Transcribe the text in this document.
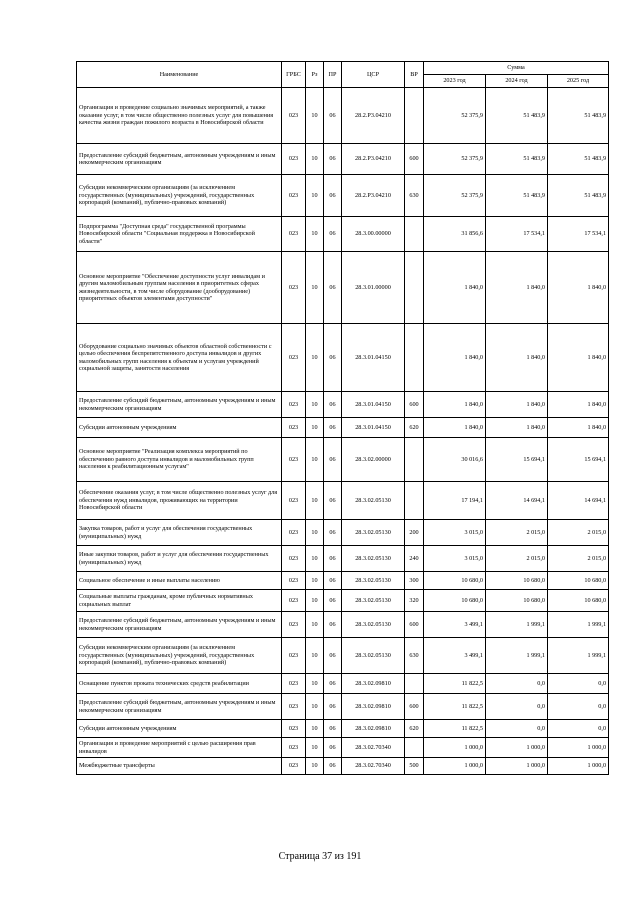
Наименование	ГРБС	Рз	ПР	ЦСР	ВР	Сумма		
						2023 год	2024 год	2025 год
Организация и проведение социально значимых мероприятий, а также оказание услуг, в том числе общественно полезных услуг для повышения качества жизни граждан пожилого возраста в Новосибирской области	023	10	06	28.2.Р3.04210		52 375,9	51 483,9	51 483,9
Предоставление субсидий бюджетным, автономным учреждениям и иным некоммерческим организациям	023	10	06	28.2.Р3.04210	600	52 375,9	51 483,9	51 483,9
Субсидии некоммерческим организациям (за исключением государственных (муниципальных) учреждений, государственных корпораций (компаний), публично-правовых компаний)	023	10	06	28.2.Р3.04210	630	52 375,9	51 483,9	51 483,9
Подпрограмма "Доступная среда" государственной программы Новосибирской области "Социальная поддержка в Новосибирской области"	023	10	06	28.3.00.00000		31 856,6	17 534,1	17 534,1
Основное мероприятие "Обеспечение доступности услуг инвалидам и другим маломобильным группам населения в приоритетных сферах жизнедеятельности, в том числе оборудование (дооборудование) приоритетных объектов элементами доступности"	023	10	06	28.3.01.00000		1 840,0	1 840,0	1 840,0
Оборудование социально значимых объектов областной собственности с целью обеспечения беспрепятственного доступа инвалидов и других маломобильных групп населения к объектам и услугам учреждений социальной защиты, занятости населения	023	10	06	28.3.01.04150		1 840,0	1 840,0	1 840,0
Предоставление субсидий бюджетным, автономным учреждениям и иным некоммерческим организациям	023	10	06	28.3.01.04150	600	1 840,0	1 840,0	1 840,0
Субсидии автономным учреждениям	023	10	06	28.3.01.04150	620	1 840,0	1 840,0	1 840,0
Основное мероприятие "Реализация комплекса мероприятий по обеспечению равного доступа инвалидов и маломобильных групп населения к реабилитационным услугам"	023	10	06	28.3.02.00000		30 016,6	15 694,1	15 694,1
Обеспечение оказания услуг, в том числе общественно полезных услуг для обеспечения нужд инвалидов, проживающих на территории Новосибирской области	023	10	06	28.3.02.05130		17 194,1	14 694,1	14 694,1
Закупка товаров, работ и услуг для обеспечения государственных (муниципальных) нужд	023	10	06	28.3.02.05130	200	3 015,0	2 015,0	2 015,0
Иные закупки товаров, работ и услуг для обеспечения государственных (муниципальных) нужд	023	10	06	28.3.02.05130	240	3 015,0	2 015,0	2 015,0
Социальное обеспечение и иные выплаты населению	023	10	06	28.3.02.05130	300	10 680,0	10 680,0	10 680,0
Социальные выплаты гражданам, кроме публичных нормативных социальных выплат	023	10	06	28.3.02.05130	320	10 680,0	10 680,0	10 680,0
Предоставление субсидий бюджетным, автономным учреждениям и иным некоммерческим организациям	023	10	06	28.3.02.05130	600	3 499,1	1 999,1	1 999,1
Субсидии некоммерческим организациям (за исключением государственных (муниципальных) учреждений, государственных корпораций (компаний), публично-правовых компаний)	023	10	06	28.3.02.05130	630	3 499,1	1 999,1	1 999,1
Оснащение пунктов проката технических средств реабилитации	023	10	06	28.3.02.09810		11 822,5	0,0	0,0
Предоставление субсидий бюджетным, автономным учреждениям и иным некоммерческим организациям	023	10	06	28.3.02.09810	600	11 822,5	0,0	0,0
Субсидии автономным учреждениям	023	10	06	28.3.02.09810	620	11 822,5	0,0	0,0
Организация и проведение мероприятий с целью расширения прав инвалидов	023	10	06	28.3.02.70340		1 000,0	1 000,0	1 000,0
Межбюджетные трансферты	023	10	06	28.3.02.70340	500	1 000,0	1 000,0	1 000,0
Страница 37 из 191
